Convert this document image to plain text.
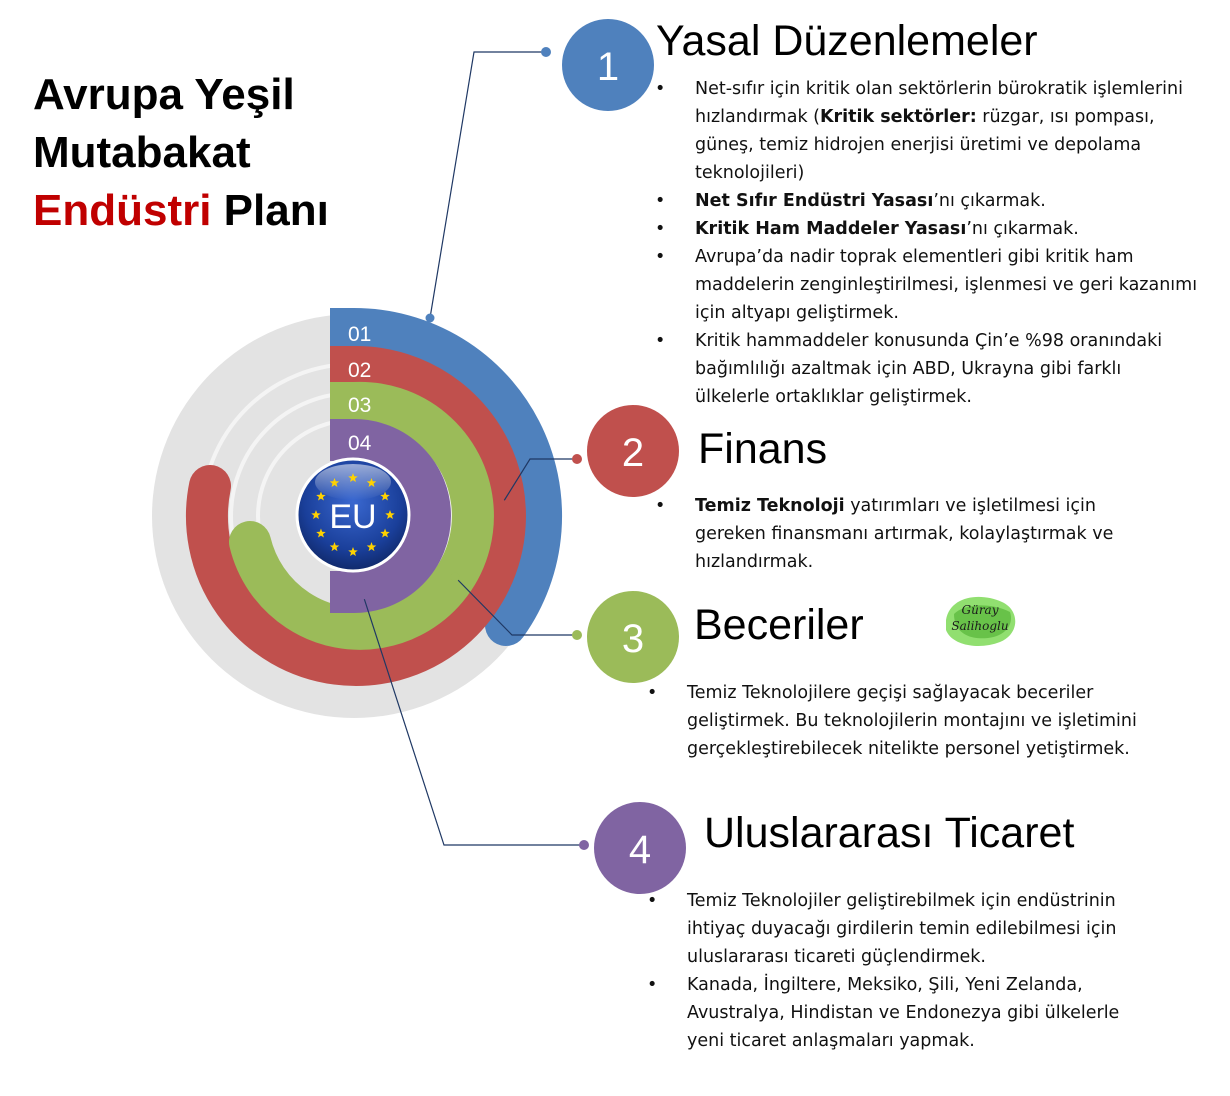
Avrupa Yeşil
Mutabakat
Endüstri Planı
01
02
03
04
EU
1
2
3
4
Yasal Düzenlemeler
Finans
Beceriler
Uluslararası Ticaret
• Net-sıfır için kritik olan sektörlerin bürokratik işlemlerini hızlandırmak (Kritik sektörler: rüzgar, ısı pompası, güneş, temiz hidrojen enerjisi üretimi ve depolama teknolojileri)
• Net Sıfır Endüstri Yasası’nı çıkarmak.
• Kritik Ham Maddeler Yasası’nı çıkarmak.
• Avrupa’da nadir toprak elementleri gibi kritik ham maddelerin zenginleştirilmesi, işlenmesi ve geri kazanımı için altyapı geliştirmek.
• Kritik hammaddeler konusunda Çin’e %98 oranındaki bağımlılığı azaltmak için ABD, Ukrayna gibi farklı ülkelerle ortaklıklar geliştirmek.
• Temiz Teknoloji yatırımları ve işletilmesi için gereken finansmanı artırmak, kolaylaştırmak ve hızlandırmak.
• Temiz Teknolojilere geçişi sağlayacak beceriler geliştirmek. Bu teknolojilerin montajını ve işletimini gerçekleştirebilecek nitelikte personel yetiştirmek.
• Temiz Teknolojiler geliştirebilmek için endüstrinin ihtiyaç duyacağı girdilerin temin edilebilmesi için uluslararası ticareti güçlendirmek.
• Kanada, İngiltere, Meksiko, Şili, Yeni Zelanda, Avustralya, Hindistan ve Endonezya gibi ülkelerle yeni ticaret anlaşmaları yapmak.
Güray
Salihoglu
